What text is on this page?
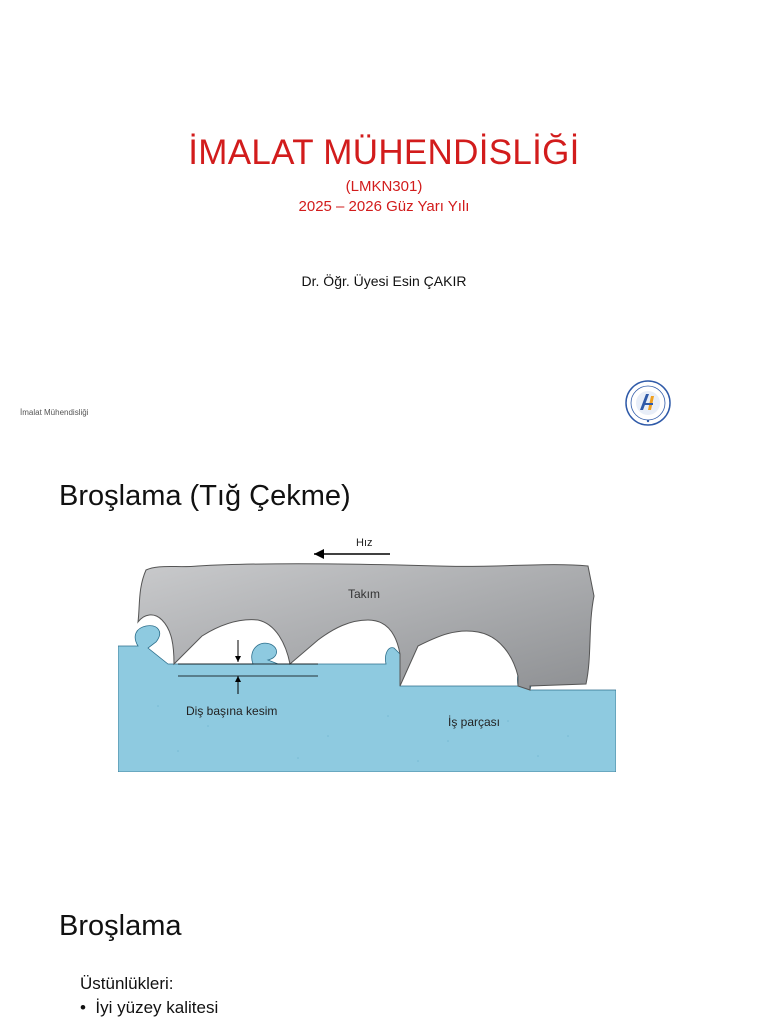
İMALAT MÜHENDİSLİĞİ
(LMKN301)
2025 – 2026 Güz Yarı Yılı
Dr. Öğr. Üyesi Esin ÇAKIR
İmalat Mühendisliği
Broşlama (Tığ Çekme)
Hız
Takım
Diş başına kesim
İş parçası
Broşlama
Üstünlükleri:
•  İyi yüzey kalitesi
